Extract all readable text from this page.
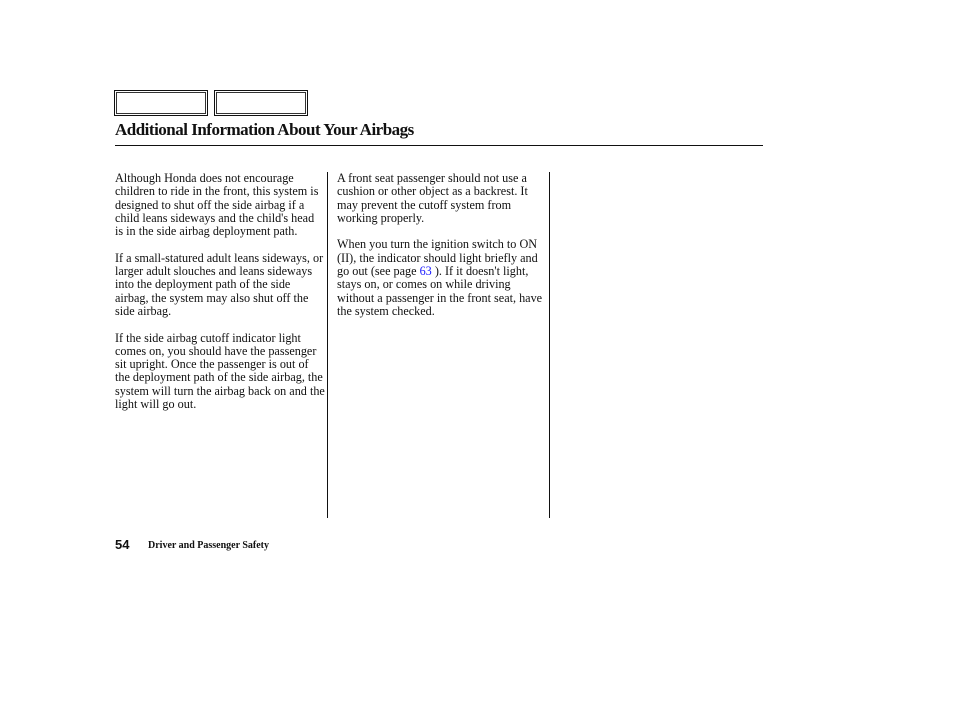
Additional Information About Your Airbags

Although Honda does not encourage children to ride in the front, this system is designed to shut off the side airbag if a child leans sideways and the child's head is in the side airbag deployment path.

If a small-statured adult leans sideways, or larger adult slouches and leans sideways into the deployment path of the side airbag, the system may also shut off the side airbag.

If the side airbag cutoff indicator light comes on, you should have the passenger sit upright. Once the passenger is out of the deployment path of the side airbag, the system will turn the airbag back on and the light will go out.

A front seat passenger should not use a cushion or other object as a backrest. It may prevent the cutoff system from working properly.

When you turn the ignition switch to ON (II), the indicator should light briefly and go out (see page 63 ). If it doesn't light, stays on, or comes on while driving without a passenger in the front seat, have the system checked.

54 Driver and Passenger Safety
